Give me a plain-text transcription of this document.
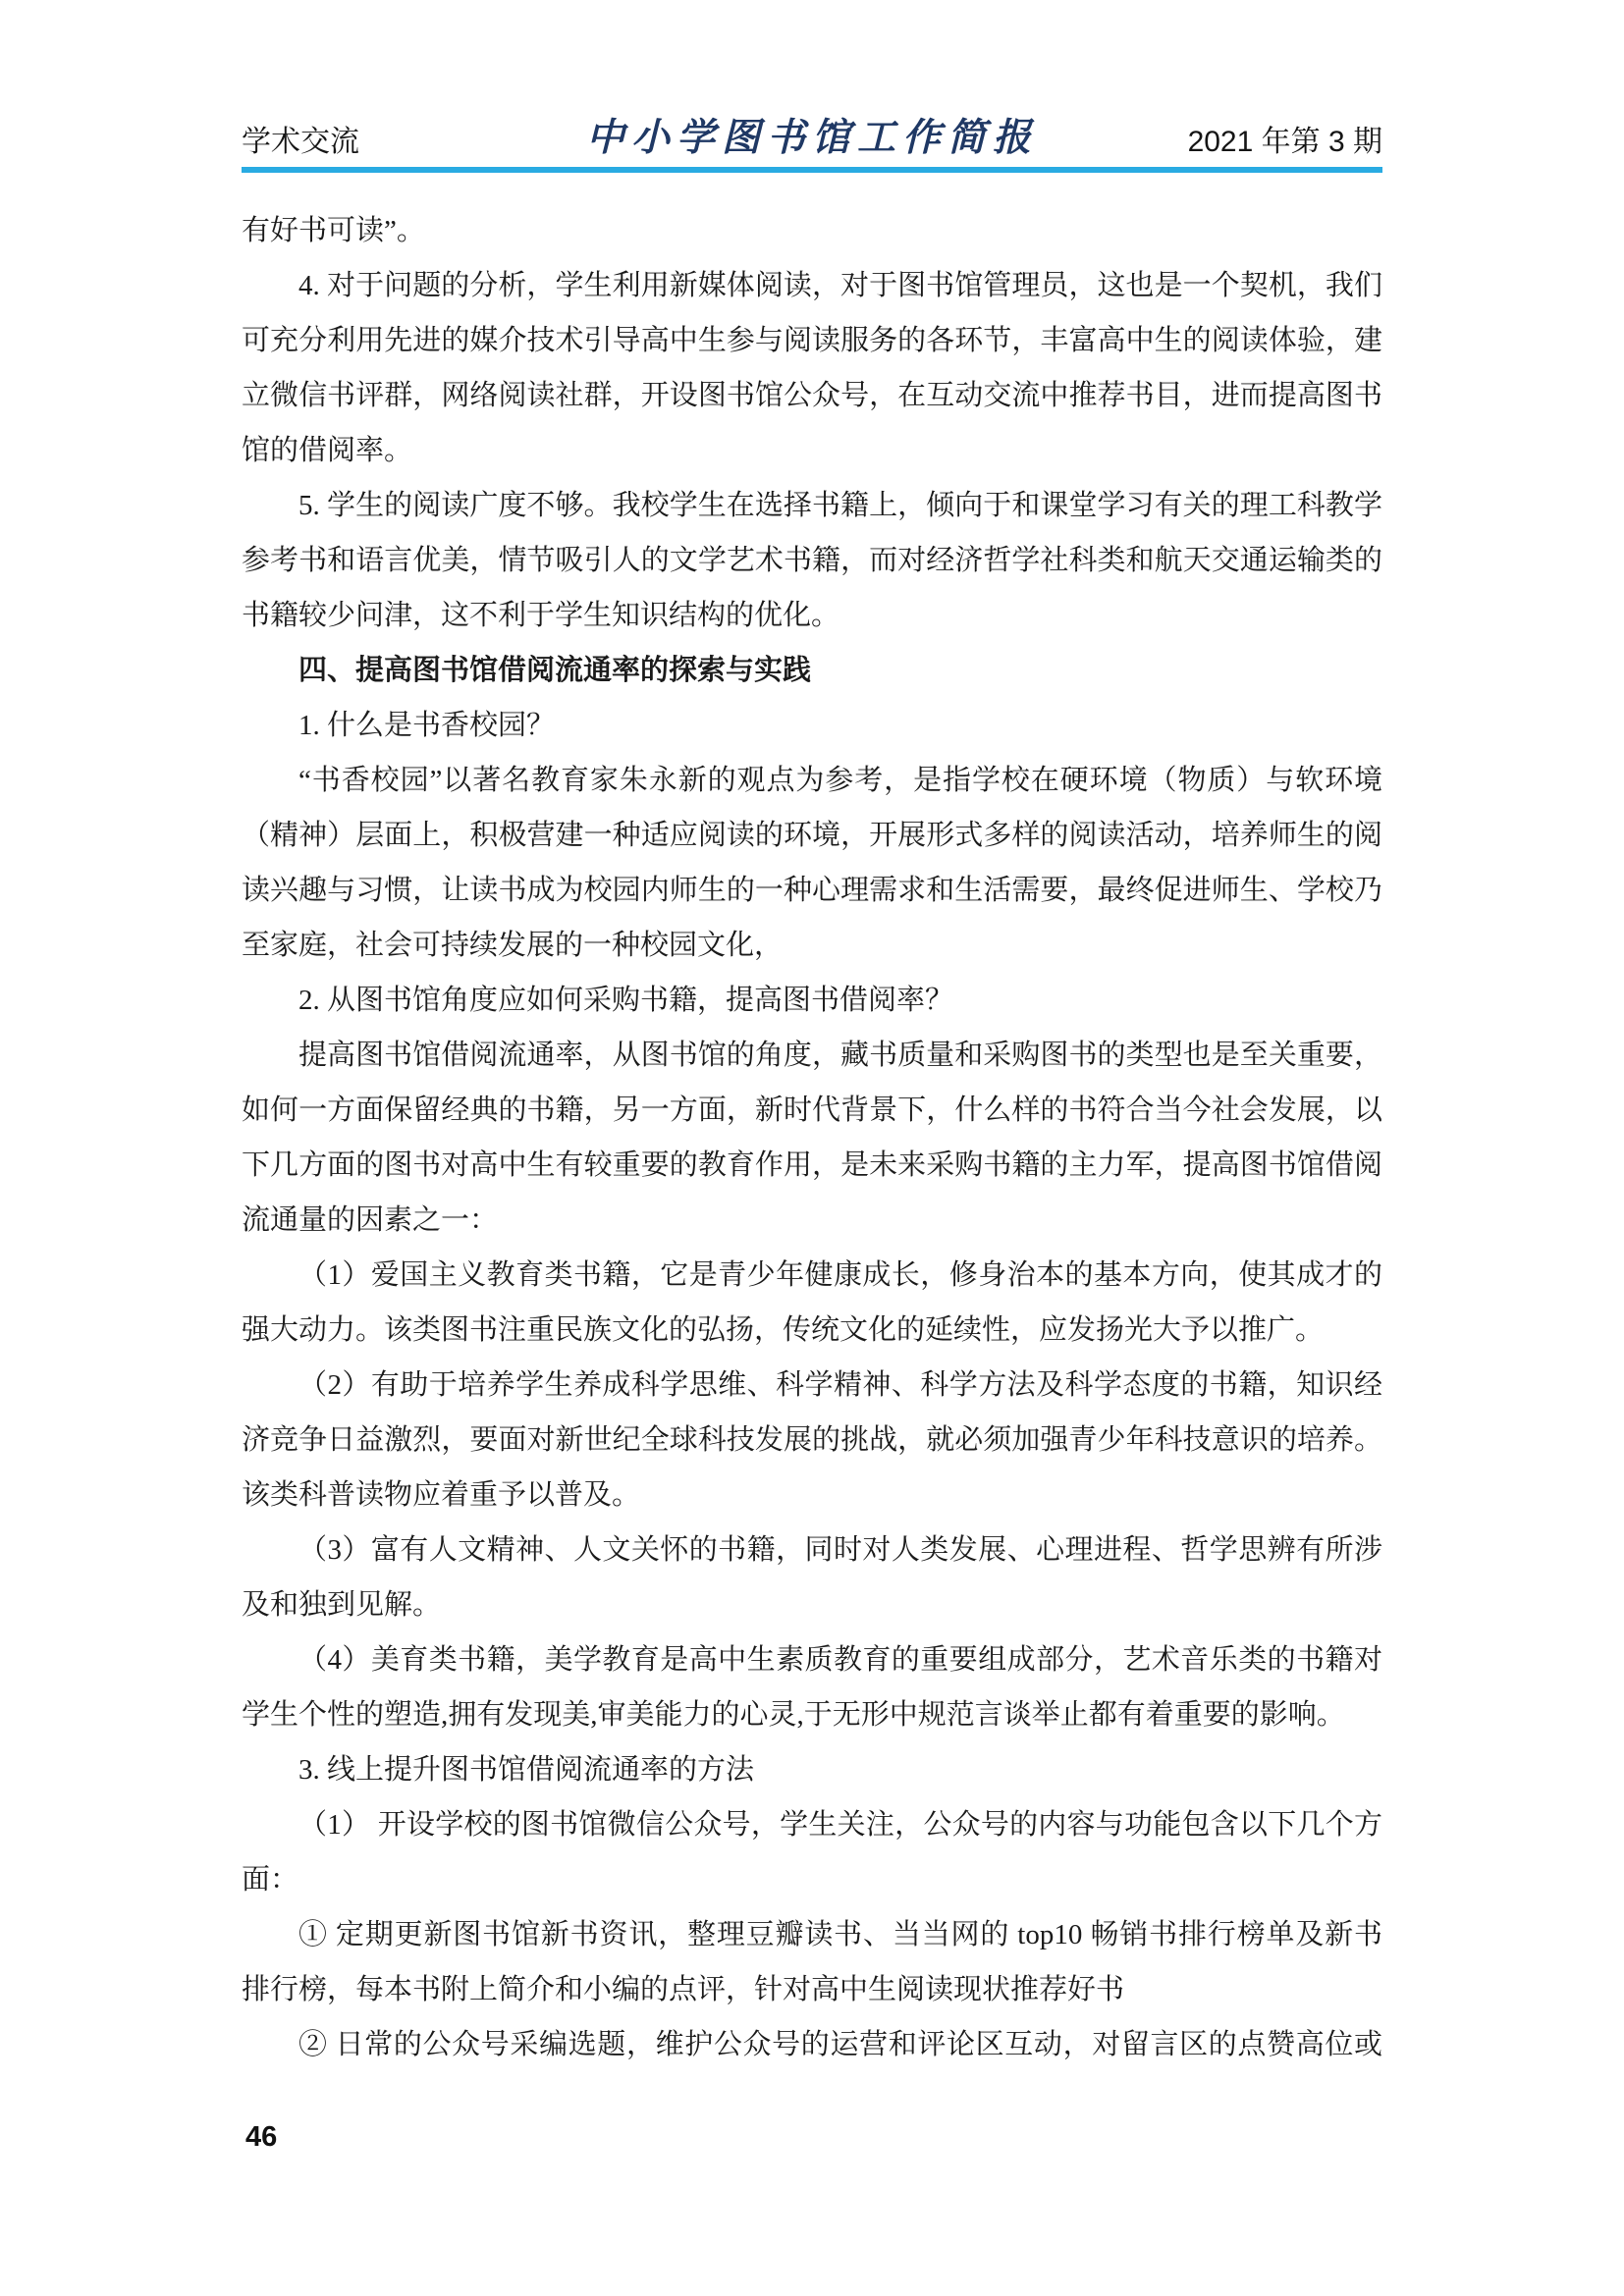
学术交流	中小学图书馆工作简报	2021 年第 3 期
有好书可读”。
4. 对于问题的分析，学生利用新媒体阅读，对于图书馆管理员，这也是一个契机，我们
可充分利用先进的媒介技术引导高中生参与阅读服务的各环节，丰富高中生的阅读体验，建
立微信书评群，网络阅读社群，开设图书馆公众号，在互动交流中推荐书目，进而提高图书
馆的借阅率。
5. 学生的阅读广度不够。我校学生在选择书籍上，倾向于和课堂学习有关的理工科教学
参考书和语言优美，情节吸引人的文学艺术书籍，而对经济哲学社科类和航天交通运输类的
书籍较少问津，这不利于学生知识结构的优化。
四、提高图书馆借阅流通率的探索与实践
1. 什么是书香校园？
“书香校园”以著名教育家朱永新的观点为参考，是指学校在硬环境（物质）与软环境
（精神）层面上，积极营建一种适应阅读的环境，开展形式多样的阅读活动，培养师生的阅
读兴趣与习惯，让读书成为校园内师生的一种心理需求和生活需要，最终促进师生、学校乃
至家庭，社会可持续发展的一种校园文化，
2. 从图书馆角度应如何采购书籍，提高图书借阅率？
提高图书馆借阅流通率，从图书馆的角度，藏书质量和采购图书的类型也是至关重要，
如何一方面保留经典的书籍，另一方面，新时代背景下，什么样的书符合当今社会发展，以
下几方面的图书对高中生有较重要的教育作用，是未来采购书籍的主力军，提高图书馆借阅
流通量的因素之一：
（1）爱国主义教育类书籍，它是青少年健康成长，修身治本的基本方向，使其成才的
强大动力。该类图书注重民族文化的弘扬，传统文化的延续性，应发扬光大予以推广。
（2）有助于培养学生养成科学思维、科学精神、科学方法及科学态度的书籍，知识经
济竞争日益激烈，要面对新世纪全球科技发展的挑战，就必须加强青少年科技意识的培养。
该类科普读物应着重予以普及。
（3）富有人文精神、人文关怀的书籍，同时对人类发展、心理进程、哲学思辨有所涉
及和独到见解。
（4）美育类书籍，美学教育是高中生素质教育的重要组成部分，艺术音乐类的书籍对
学生个性的塑造,拥有发现美,审美能力的心灵,于无形中规范言谈举止都有着重要的影响。
3. 线上提升图书馆借阅流通率的方法
（1） 开设学校的图书馆微信公众号，学生关注，公众号的内容与功能包含以下几个方
面：
① 定期更新图书馆新书资讯，整理豆瓣读书、当当网的 top10 畅销书排行榜单及新书
排行榜，每本书附上简介和小编的点评，针对高中生阅读现状推荐好书
② 日常的公众号采编选题，维护公众号的运营和评论区互动，对留言区的点赞高位或
46
